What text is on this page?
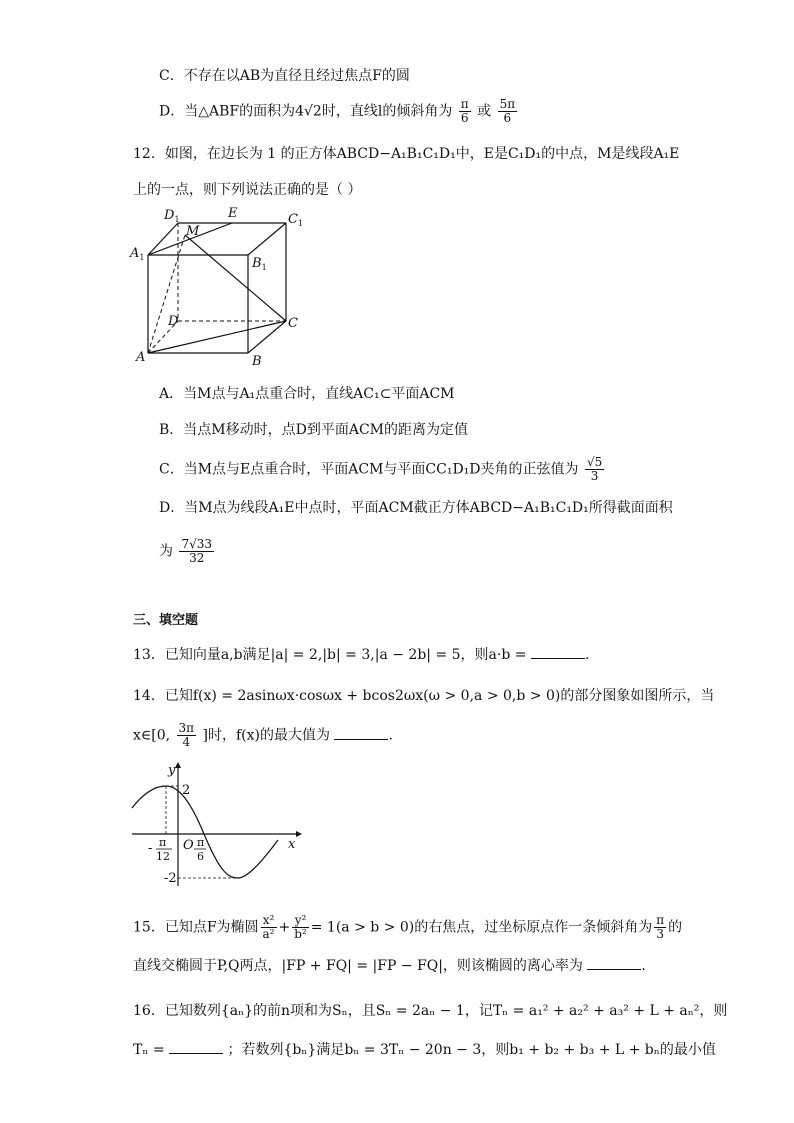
C．不存在以AB为直径且经过焦点F的圆
D．当△ABF的面积为4√2时，直线l的倾斜角为 $\frac{\pi}{6}$ 或 $\frac{5\pi}{6}$
12．如图，在边长为 1 的正方体ABCD−A₁B₁C₁D₁中，E是C₁D₁的中点，M是线段A₁E
上的一点，则下列说法正确的是（ ）
$D_1$	E	$C_1$
M
$A_1$	$B_1$
D	C
A	B
A．当M点与A₁点重合时，直线AC₁⊂平面ACM
B．当点M移动时，点D到平面ACM的距离为定值
C．当M点与E点重合时，平面ACM与平面CC₁D₁D夹角的正弦值为 $\frac{√5}{3}$
D．当M点为线段A₁E中点时，平面ACM截正方体ABCD−A₁B₁C₁D₁所得截面面积
为 $\frac{7√33}{32}$
三、填空题
13．已知向量a,b满足|a| = 2,|b| = 3,|a − 2b| = 5，则a·b =	.
14．已知f(x) = 2asinωx·cosωx + bcos2ωx(ω > 0,a > 0,b > 0)的部分图象如图所示，当
x∈[0, $\frac{3\pi}{4}$ ]时，f(x)的最大值为	.
y
x
2
-2
O
- π
12
π
6
15．已知点F为椭圆 $\frac{\text{x²}}{\text{a²}} + \frac{\text{y²}}{\text{b²}} = 1(a > b > 0)$的右焦点，过坐标原点作一条倾斜角为 $\frac{\pi}{3}$ 的
直线交椭圆于P,Q两点，|FP + FQ| = |FP − FQ|，则该椭圆的离心率为	.
16．已知数列{aₙ}的前n项和为Sₙ，且Sₙ = 2aₙ − 1，记Tₙ = a₁² + a₂² + a₃² + L + aₙ²，则
Tₙ =	；若数列{bₙ}满足bₙ = 3Tₙ − 20n − 3，则b₁ + b₂ + b₃ + L + bₙ的最小值
